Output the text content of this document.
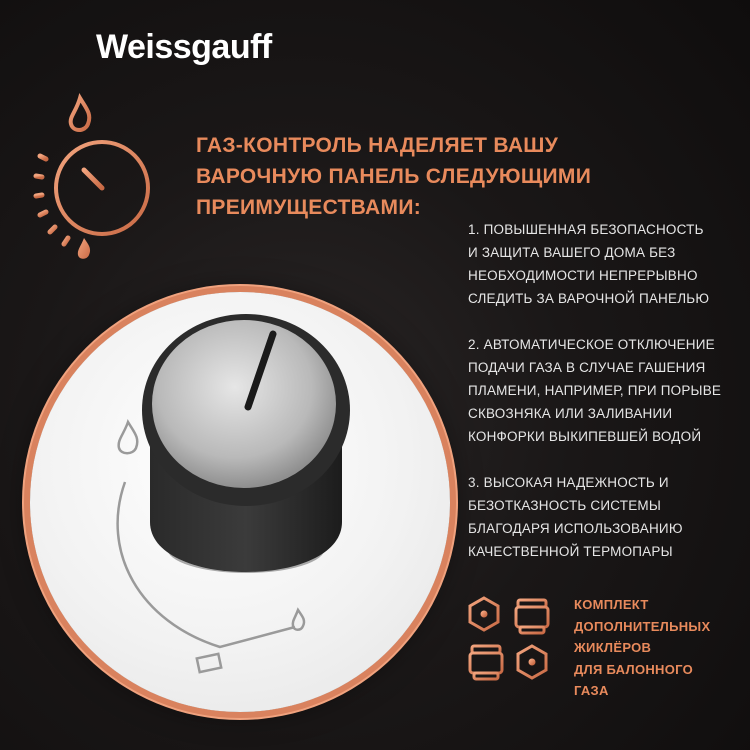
Weissgauff
ГАЗ-КОНТРОЛЬ НАДЕЛЯЕТ ВАШУ
ВАРОЧНУЮ ПАНЕЛЬ СЛЕДУЮЩИМИ
ПРЕИМУЩЕСТВАМИ:
1. ПОВЫШЕННАЯ БЕЗОПАСНОСТЬ
И ЗАЩИТА ВАШЕГО ДОМА БЕЗ
НЕОБХОДИМОСТИ НЕПРЕРЫВНО
СЛЕДИТЬ ЗА ВАРОЧНОЙ ПАНЕЛЬЮ
2. АВТОМАТИЧЕСКОЕ ОТКЛЮЧЕНИЕ
ПОДАЧИ ГАЗА В СЛУЧАЕ ГАШЕНИЯ
ПЛАМЕНИ, НАПРИМЕР, ПРИ ПОРЫВЕ
СКВОЗНЯКА ИЛИ ЗАЛИВАНИИ
КОНФОРКИ ВЫКИПЕВШЕЙ ВОДОЙ
3. ВЫСОКАЯ НАДЕЖНОСТЬ И
БЕЗОТКАЗНОСТЬ СИСТЕМЫ
БЛАГОДАРЯ ИСПОЛЬЗОВАНИЮ
КАЧЕСТВЕННОЙ ТЕРМОПАРЫ
КОМПЛЕКТ
ДОПОЛНИТЕЛЬНЫХ
ЖИКЛЁРОВ
ДЛЯ БАЛОННОГО
ГАЗА
